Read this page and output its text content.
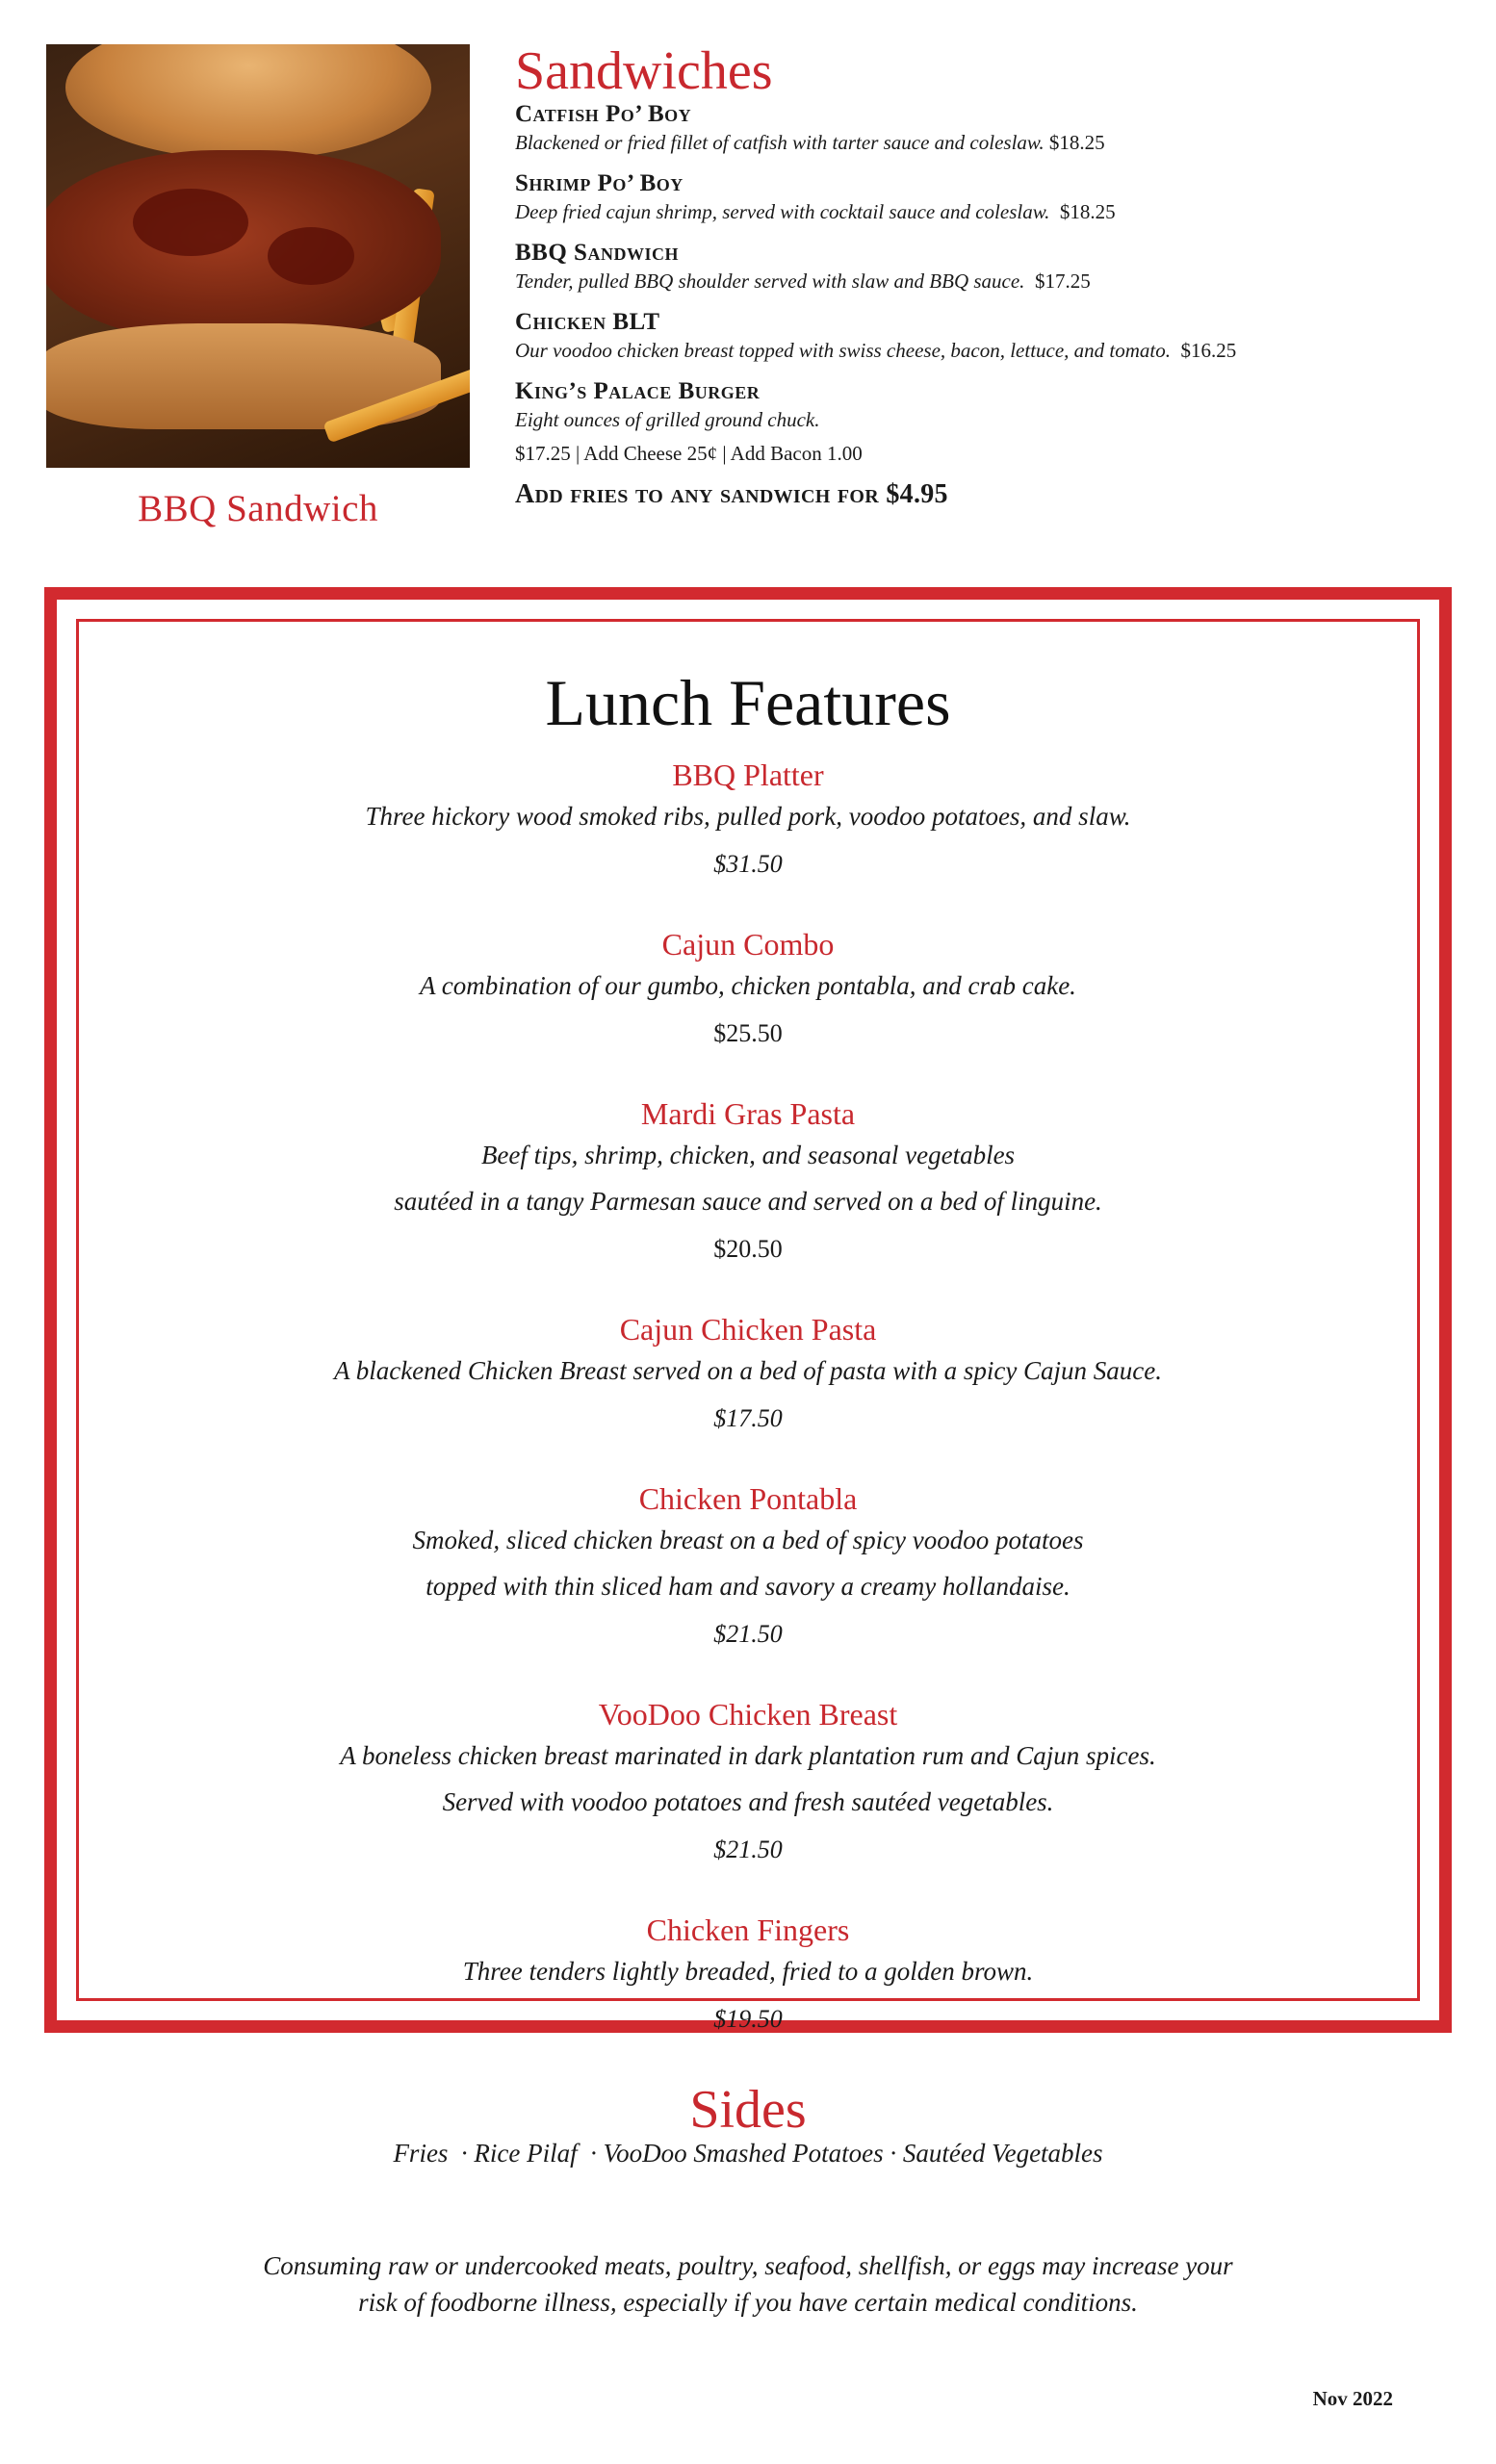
BBQ Sandwich
Sandwiches
Catfish Po’ Boy
Blackened or fried fillet of catfish with tarter sauce and coleslaw. $18.25
Shrimp Po’ Boy
Deep fried cajun shrimp, served with cocktail sauce and coleslaw. $18.25
BBQ Sandwich
Tender, pulled BBQ shoulder served with slaw and BBQ sauce. $17.25
Chicken BLT
Our voodoo chicken breast topped with swiss cheese, bacon, lettuce, and tomato. $16.25
King’s Palace Burger
Eight ounces of grilled ground chuck.
$17.25 | Add Cheese 25¢ | Add Bacon 1.00
Add fries to any sandwich for $4.95
Lunch Features
BBQ Platter
Three hickory wood smoked ribs, pulled pork, voodoo potatoes, and slaw.
$31.50
Cajun Combo
A combination of our gumbo, chicken pontabla, and crab cake.
$25.50
Mardi Gras Pasta
Beef tips, shrimp, chicken, and seasonal vegetables
sautéed in a tangy Parmesan sauce and served on a bed of linguine.
$20.50
Cajun Chicken Pasta
A blackened Chicken Breast served on a bed of pasta with a spicy Cajun Sauce.
$17.50
Chicken Pontabla
Smoked, sliced chicken breast on a bed of spicy voodoo potatoes
topped with thin sliced ham and savory a creamy hollandaise.
$21.50
VooDoo Chicken Breast
A boneless chicken breast marinated in dark plantation rum and Cajun spices.
Served with voodoo potatoes and fresh sautéed vegetables.
$21.50
Chicken Fingers
Three tenders lightly breaded, fried to a golden brown.
$19.50
Sides
Fries  · Rice Pilaf  · VooDoo Smashed Potatoes · Sautéed Vegetables
Consuming raw or undercooked meats, poultry, seafood, shellfish, or eggs may increase your
risk of foodborne illness, especially if you have certain medical conditions.
Nov 2022
